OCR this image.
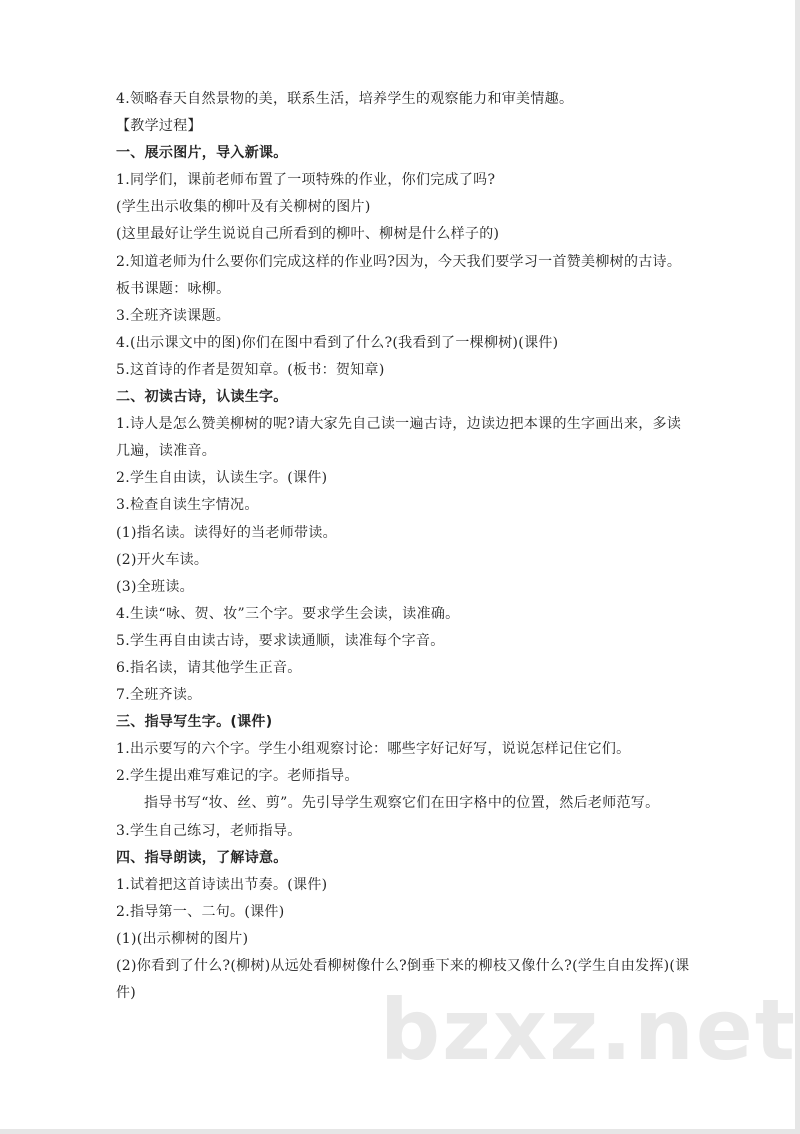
4.领略春天自然景物的美，联系生活，培养学生的观察能力和审美情趣。
【教学过程】
一、展示图片，导入新课。
1.同学们，课前老师布置了一项特殊的作业，你们完成了吗?
(学生出示收集的柳叶及有关柳树的图片)
(这里最好让学生说说自己所看到的柳叶、柳树是什么样子的)
2.知道老师为什么要你们完成这样的作业吗?因为，今天我们要学习一首赞美柳树的古诗。
板书课题：咏柳。
3.全班齐读课题。
4.(出示课文中的图)你们在图中看到了什么?(我看到了一棵柳树)(课件)
5.这首诗的作者是贺知章。(板书：贺知章)
二、初读古诗，认读生字。
1.诗人是怎么赞美柳树的呢?请大家先自己读一遍古诗，边读边把本课的生字画出来，多读
几遍，读准音。
2.学生自由读，认读生字。(课件)
3.检查自读生字情况。
(1)指名读。读得好的当老师带读。
(2)开火车读。
(3)全班读。
4.生读“咏、贺、妆”三个字。要求学生会读，读准确。
5.学生再自由读古诗，要求读通顺，读准每个字音。
6.指名读，请其他学生正音。
7.全班齐读。
三、指导写生字。(课件)
1.出示要写的六个字。学生小组观察讨论：哪些字好记好写，说说怎样记住它们。
2.学生提出难写难记的字。老师指导。
指导书写“妆、丝、剪”。先引导学生观察它们在田字格中的位置，然后老师范写。
3.学生自己练习，老师指导。
四、指导朗读，了解诗意。
1.试着把这首诗读出节奏。(课件)
2.指导第一、二句。(课件)
(1)(出示柳树的图片)
(2)你看到了什么?(柳树)从远处看柳树像什么?倒垂下来的柳枝又像什么?(学生自由发挥)(课
件)	bzxz.net
